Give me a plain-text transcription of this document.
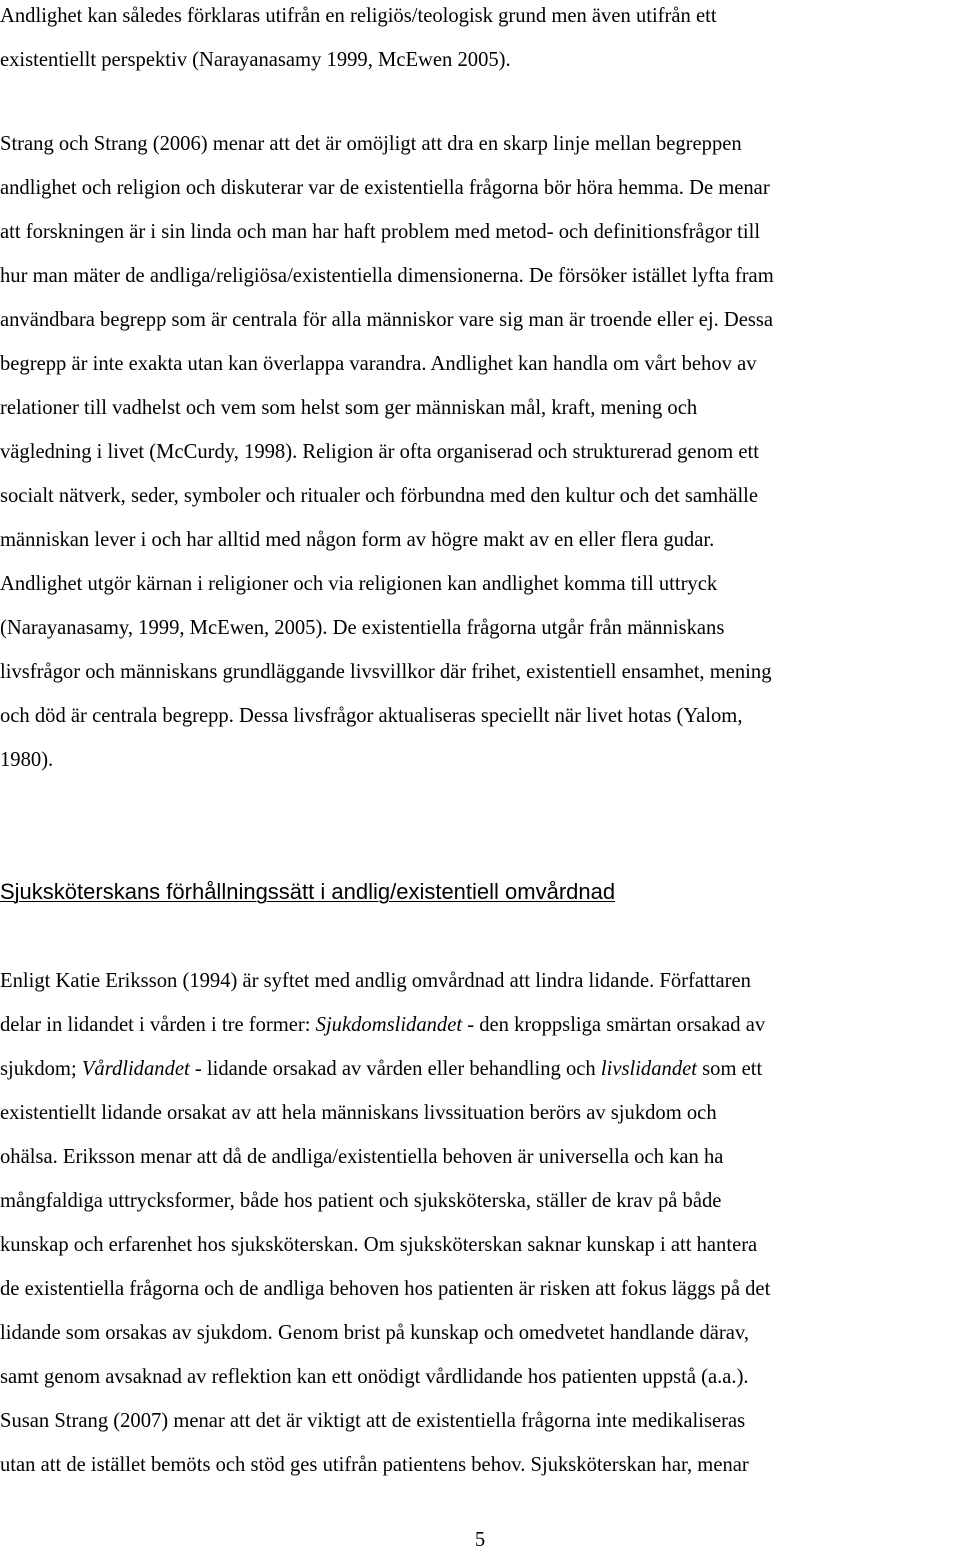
Andlighet kan således förklaras utifrån en religiös/teologisk grund men även utifrån ett
existentiellt perspektiv (Narayanasamy 1999, McEwen 2005).
Strang och Strang (2006) menar att det är omöjligt att dra en skarp linje mellan begreppen
andlighet och religion och diskuterar var de existentiella frågorna bör höra hemma. De menar
att forskningen är i sin linda och man har haft problem med metod- och definitionsfrågor till
hur man mäter de andliga/religiösa/existentiella dimensionerna. De försöker istället lyfta fram
användbara begrepp som är centrala för alla människor vare sig man är troende eller ej. Dessa
begrepp är inte exakta utan kan överlappa varandra. Andlighet kan handla om vårt behov av
relationer till vadhelst och vem som helst som ger människan mål, kraft, mening och
vägledning i livet (McCurdy, 1998). Religion är ofta organiserad och strukturerad genom ett
socialt nätverk, seder, symboler och ritualer och förbundna med den kultur och det samhälle
människan lever i och har alltid med någon form av högre makt av en eller flera gudar.
Andlighet utgör kärnan i religioner och via religionen kan andlighet komma till uttryck
(Narayanasamy, 1999, McEwen, 2005). De existentiella frågorna utgår från människans
livsfrågor och människans grundläggande livsvillkor där frihet, existentiell ensamhet, mening
och död är centrala begrepp. Dessa livsfrågor aktualiseras speciellt när livet hotas (Yalom,
1980).
Sjuksköterskans förhållningssätt i andlig/existentiell omvårdnad
Enligt Katie Eriksson (1994) är syftet med andlig omvårdnad att lindra lidande. Författaren
delar in lidandet i vården i tre former: Sjukdomslidandet - den kroppsliga smärtan orsakad av
sjukdom; Vårdlidandet - lidande orsakad av vården eller behandling och livslidandet som ett
existentiellt lidande orsakat av att hela människans livssituation berörs av sjukdom och
ohälsa. Eriksson menar att då de andliga/existentiella behoven är universella och kan ha
mångfaldiga uttrycksformer, både hos patient och sjuksköterska, ställer de krav på både
kunskap och erfarenhet hos sjuksköterskan. Om sjuksköterskan saknar kunskap i att hantera
de existentiella frågorna och de andliga behoven hos patienten är risken att fokus läggs på det
lidande som orsakas av sjukdom. Genom brist på kunskap och omedvetet handlande därav,
samt genom avsaknad av reflektion kan ett onödigt vårdlidande hos patienten uppstå (a.a.).
Susan Strang (2007) menar att det är viktigt att de existentiella frågorna inte medikaliseras
utan att de istället bemöts och stöd ges utifrån patientens behov. Sjuksköterskan har, menar
5
